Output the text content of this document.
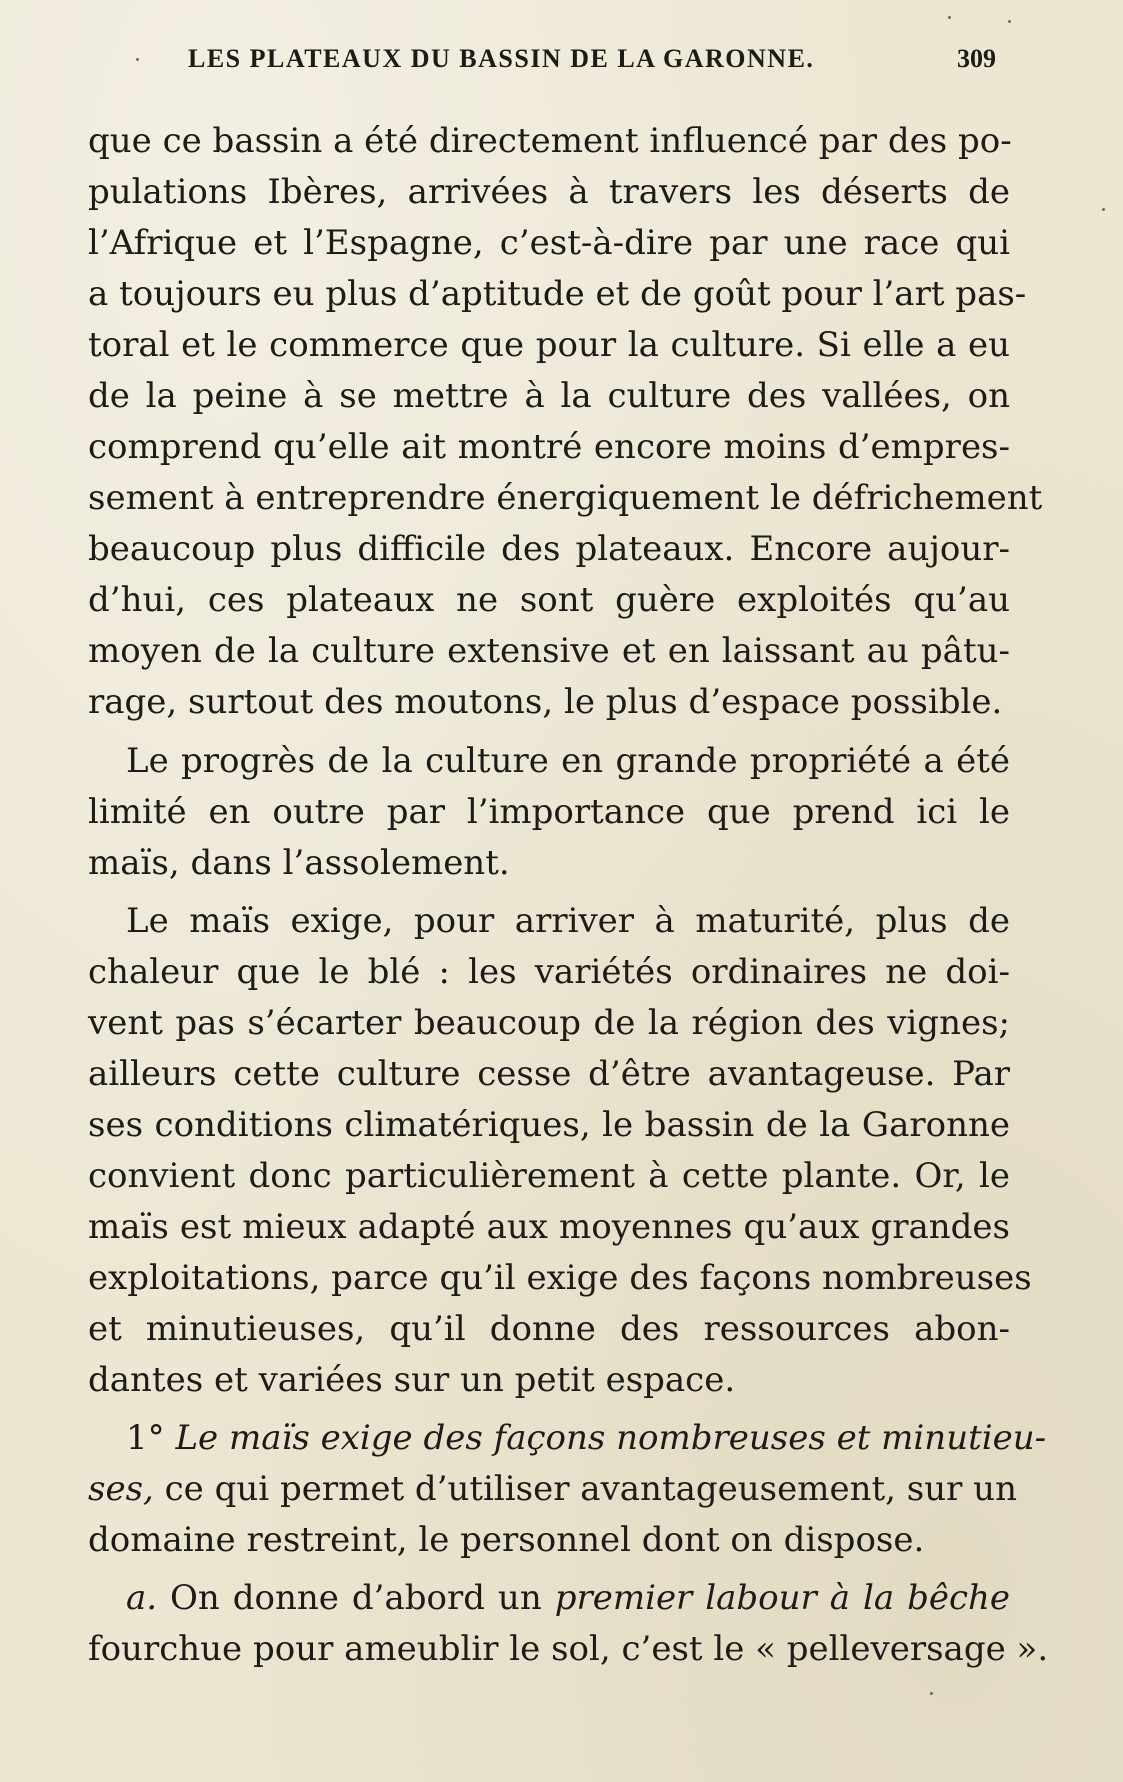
LES PLATEAUX DU BASSIN DE LA GARONNE.	309

que ce bassin a été directement influencé par des po-
pulations Ibères, arrivées à travers les déserts de
l’Afrique et l’Espagne, c’est-à-dire par une race qui
a toujours eu plus d’aptitude et de goût pour l’art pas-
toral et le commerce que pour la culture. Si elle a eu
de la peine à se mettre à la culture des vallées, on
comprend qu’elle ait montré encore moins d’empres-
sement à entreprendre énergiquement le défrichement
beaucoup plus difficile des plateaux. Encore aujour-
d’hui, ces plateaux ne sont guère exploités qu’au
moyen de la culture extensive et en laissant au pâtu-
rage, surtout des moutons, le plus d’espace possible.

Le progrès de la culture en grande propriété a été
limité en outre par l’importance que prend ici le
maïs, dans l’assolement.

Le maïs exige, pour arriver à maturité, plus de
chaleur que le blé : les variétés ordinaires ne doi-
vent pas s’écarter beaucoup de la région des vignes;
ailleurs cette culture cesse d’être avantageuse. Par
ses conditions climatériques, le bassin de la Garonne
convient donc particulièrement à cette plante. Or, le
maïs est mieux adapté aux moyennes qu’aux grandes
exploitations, parce qu’il exige des façons nombreuses
et minutieuses, qu’il donne des ressources abon-
dantes et variées sur un petit espace.

1° Le maïs exige des façons nombreuses et minutieu-
ses, ce qui permet d’utiliser avantageusement, sur un
domaine restreint, le personnel dont on dispose.

a. On donne d’abord un premier labour à la bêche
fourchue pour ameublir le sol, c’est le « pelleversage ».
